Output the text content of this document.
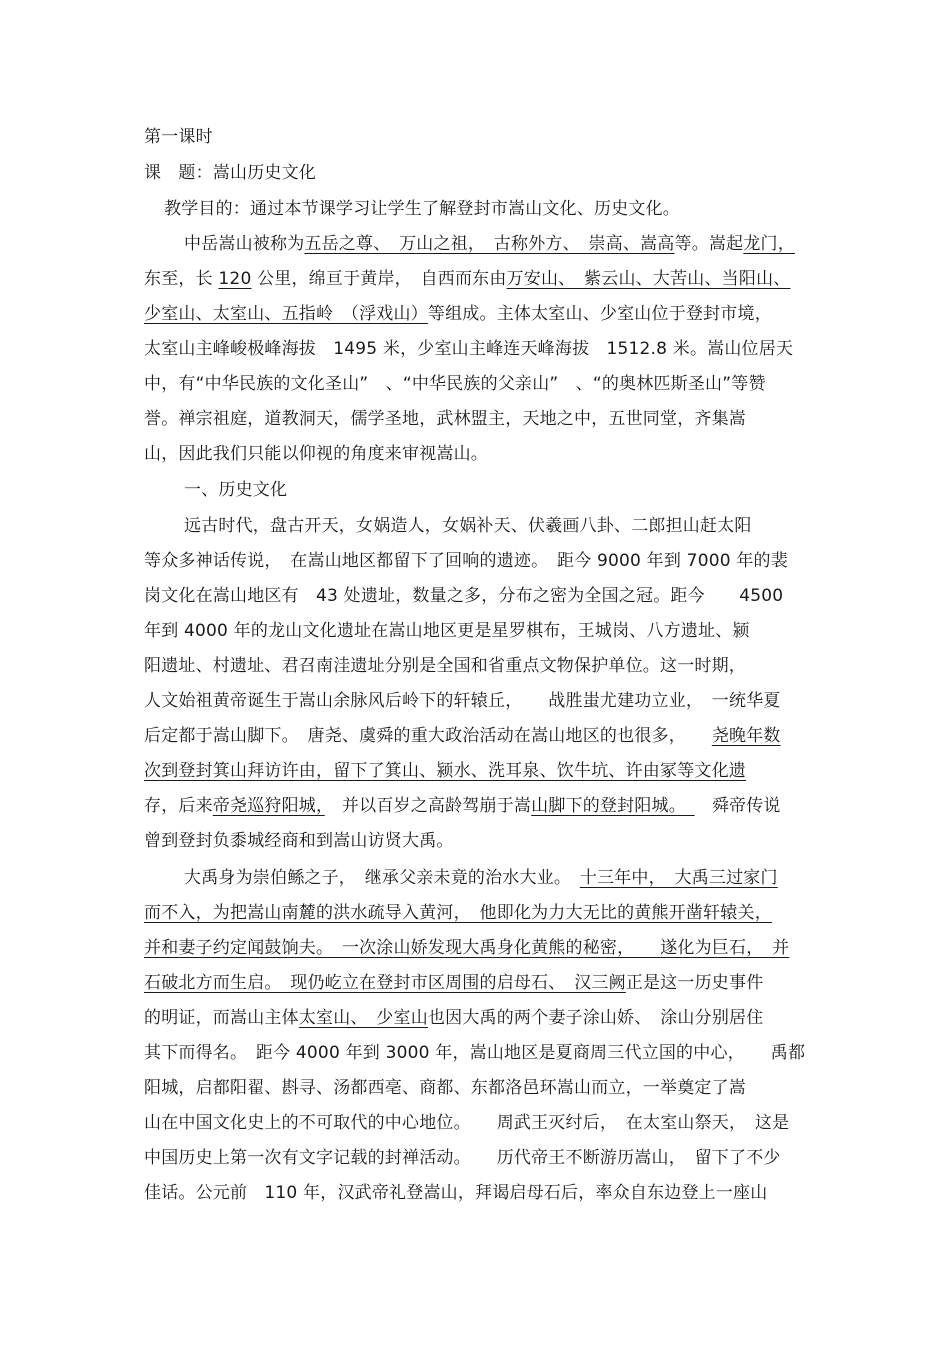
第一课时
课　题：嵩山历史文化
教学目的：通过本节课学习让学生了解登封市嵩山文化、历史文化。
中岳嵩山被称为五岳之尊、　万山之祖，　古称外方、　崇高、嵩高等。嵩起龙门，
东至，长 120 公里，绵亘于黄岸，　自西而东由万安山、　紫云山、大苦山、当阳山、
少室山、太室山、五指岭　（浮戏山）等组成。主体太室山、少室山位于登封市境，
太室山主峰峻极峰海拔　1495 米，少室山主峰连天峰海拔　1512.8 米。嵩山位居天
中，有“中华民族的文化圣山”　、“中华民族的父亲山”　、“的奥林匹斯圣山”等赞
誉。禅宗祖庭，道教洞天，儒学圣地，武林盟主，天地之中，五世同堂，齐集嵩
山，因此我们只能以仰视的角度来审视嵩山。
一、历史文化
远古时代，盘古开天，女娲造人，女娲补天、伏羲画八卦、二郎担山赶太阳
等众多神话传说，　在嵩山地区都留下了回响的遗迹。　距今 9000 年到 7000 年的裴
岗文化在嵩山地区有　43 处遗址，数量之多，分布之密为全国之冠。距今　　4500
年到 4000 年的龙山文化遗址在嵩山地区更是星罗棋布，王城岗、八方遗址、颍
阳遗址、村遗址、君召南洼遗址分别是全国和省重点文物保护单位。这一时期，
人文始祖黄帝诞生于嵩山余脉风后岭下的轩辕丘，　　战胜蚩尤建功立业，　一统华夏
后定都于嵩山脚下。　唐尧、虞舜的重大政治活动在嵩山地区的也很多，　　尧晚年数
次到登封箕山拜访许由，留下了箕山、颍水、洗耳泉、饮牛坑、许由冢等文化遗
存，后来帝尧巡狩阳城，　并以百岁之高龄驾崩于嵩山脚下的登封阳城。　　舜帝传说
曾到登封负黍城经商和到嵩山访贤大禹。
大禹身为崇伯鲧之子，　继承父亲未竟的治水大业。　十三年中，　大禹三过家门
而不入，为把嵩山南麓的洪水疏导入黄河，　他即化为力大无比的黄熊开凿轩辕关，
并和妻子约定闻鼓饷夫。　一次涂山娇发现大禹身化黄熊的秘密，　　遂化为巨石，　并
石破北方而生启。　现仍屹立在登封市区周围的启母石、　汉三阙正是这一历史事件
的明证，而嵩山主体太室山、　少室山也因大禹的两个妻子涂山娇、　涂山分别居住
其下而得名。　距今 4000 年到 3000 年，嵩山地区是夏商周三代立国的中心，　　禹都
阳城，启都阳翟、斟寻、汤都西亳、商都、东都洛邑环嵩山而立，一举奠定了嵩
山在中国文化史上的不可取代的中心地位。　　周武王灭纣后，　在太室山祭天，　这是
中国历史上第一次有文字记载的封禅活动。　　历代帝王不断游历嵩山，　留下了不少
佳话。公元前　110 年，汉武帝礼登嵩山，拜谒启母石后，率众自东边登上一座山
